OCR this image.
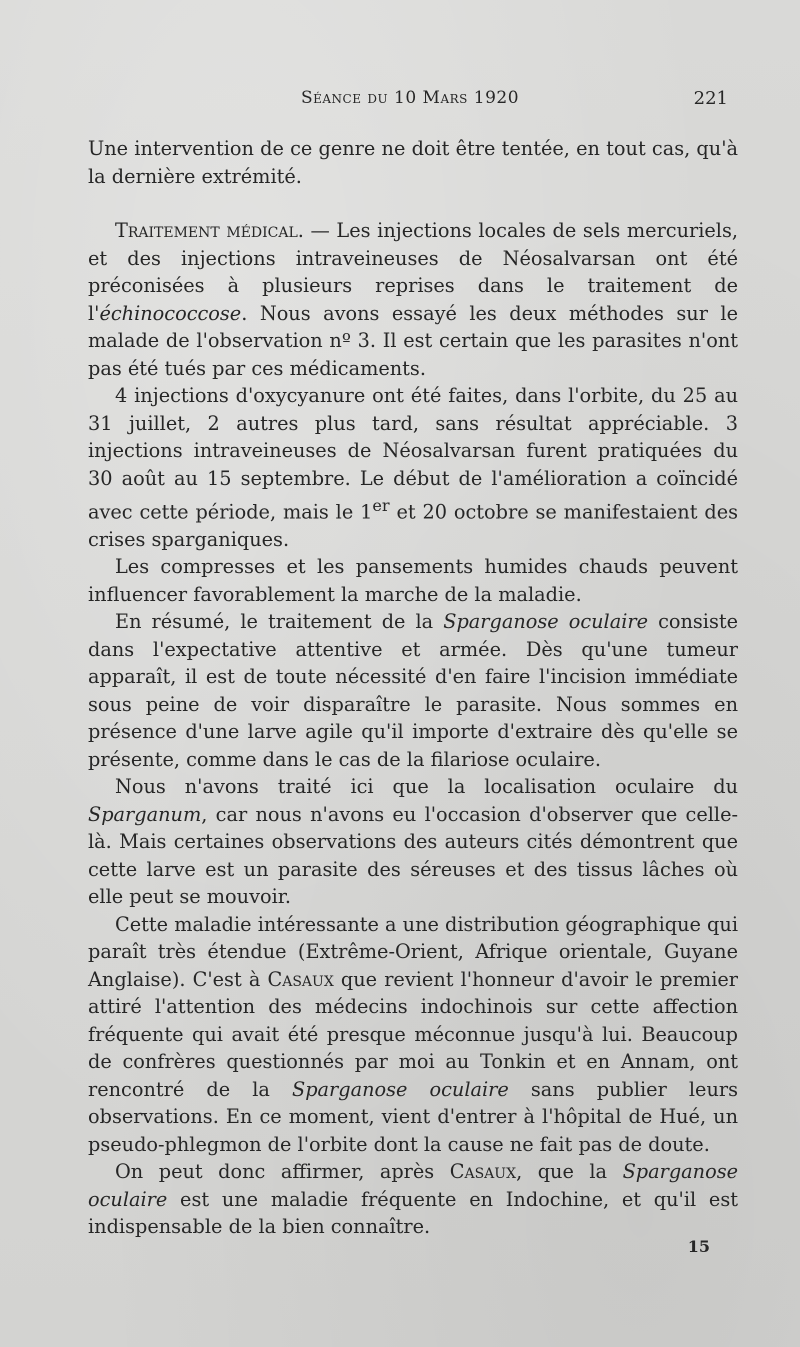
Séance du 10 Mars 1920	221

Une intervention de ce genre ne doit être tentée, en tout cas, qu'à la dernière extrémité.

Traitement médical. — Les injections locales de sels mercuriels, et des injections intraveineuses de Néosalvarsan ont été préconisées à plusieurs reprises dans le traitement de l'échinococcose. Nous avons essayé les deux méthodes sur le malade de l'observation nº 3. Il est certain que les parasites n'ont pas été tués par ces médicaments.

4 injections d'oxycyanure ont été faites, dans l'orbite, du 25 au 31 juillet, 2 autres plus tard, sans résultat appréciable. 3 injections intraveineuses de Néosalvarsan furent pratiquées du 30 août au 15 septembre. Le début de l'amélioration a coïncidé avec cette période, mais le 1er et 20 octobre se manifestaient des crises sparganiques.

Les compresses et les pansements humides chauds peuvent influencer favorablement la marche de la maladie.

En résumé, le traitement de la Sparganose oculaire consiste dans l'expectative attentive et armée. Dès qu'une tumeur apparaît, il est de toute nécessité d'en faire l'incision immédiate sous peine de voir disparaître le parasite. Nous sommes en présence d'une larve agile qu'il importe d'extraire dès qu'elle se présente, comme dans le cas de la filariose oculaire.

Nous n'avons traité ici que la localisation oculaire du Sparganum, car nous n'avons eu l'occasion d'observer que celle-là. Mais certaines observations des auteurs cités démontrent que cette larve est un parasite des séreuses et des tissus lâches où elle peut se mouvoir.

Cette maladie intéressante a une distribution géographique qui paraît très étendue (Extrême-Orient, Afrique orientale, Guyane Anglaise). C'est à Casaux que revient l'honneur d'avoir le premier attiré l'attention des médecins indochinois sur cette affection fréquente qui avait été presque méconnue jusqu'à lui. Beaucoup de confrères questionnés par moi au Tonkin et en Annam, ont rencontré de la Sparganose oculaire sans publier leurs observations. En ce moment, vient d'entrer à l'hôpital de Hué, un pseudo-phlegmon de l'orbite dont la cause ne fait pas de doute.

On peut donc affirmer, après Casaux, que la Sparganose oculaire est une maladie fréquente en Indochine, et qu'il est indispensable de la bien connaître.

15
